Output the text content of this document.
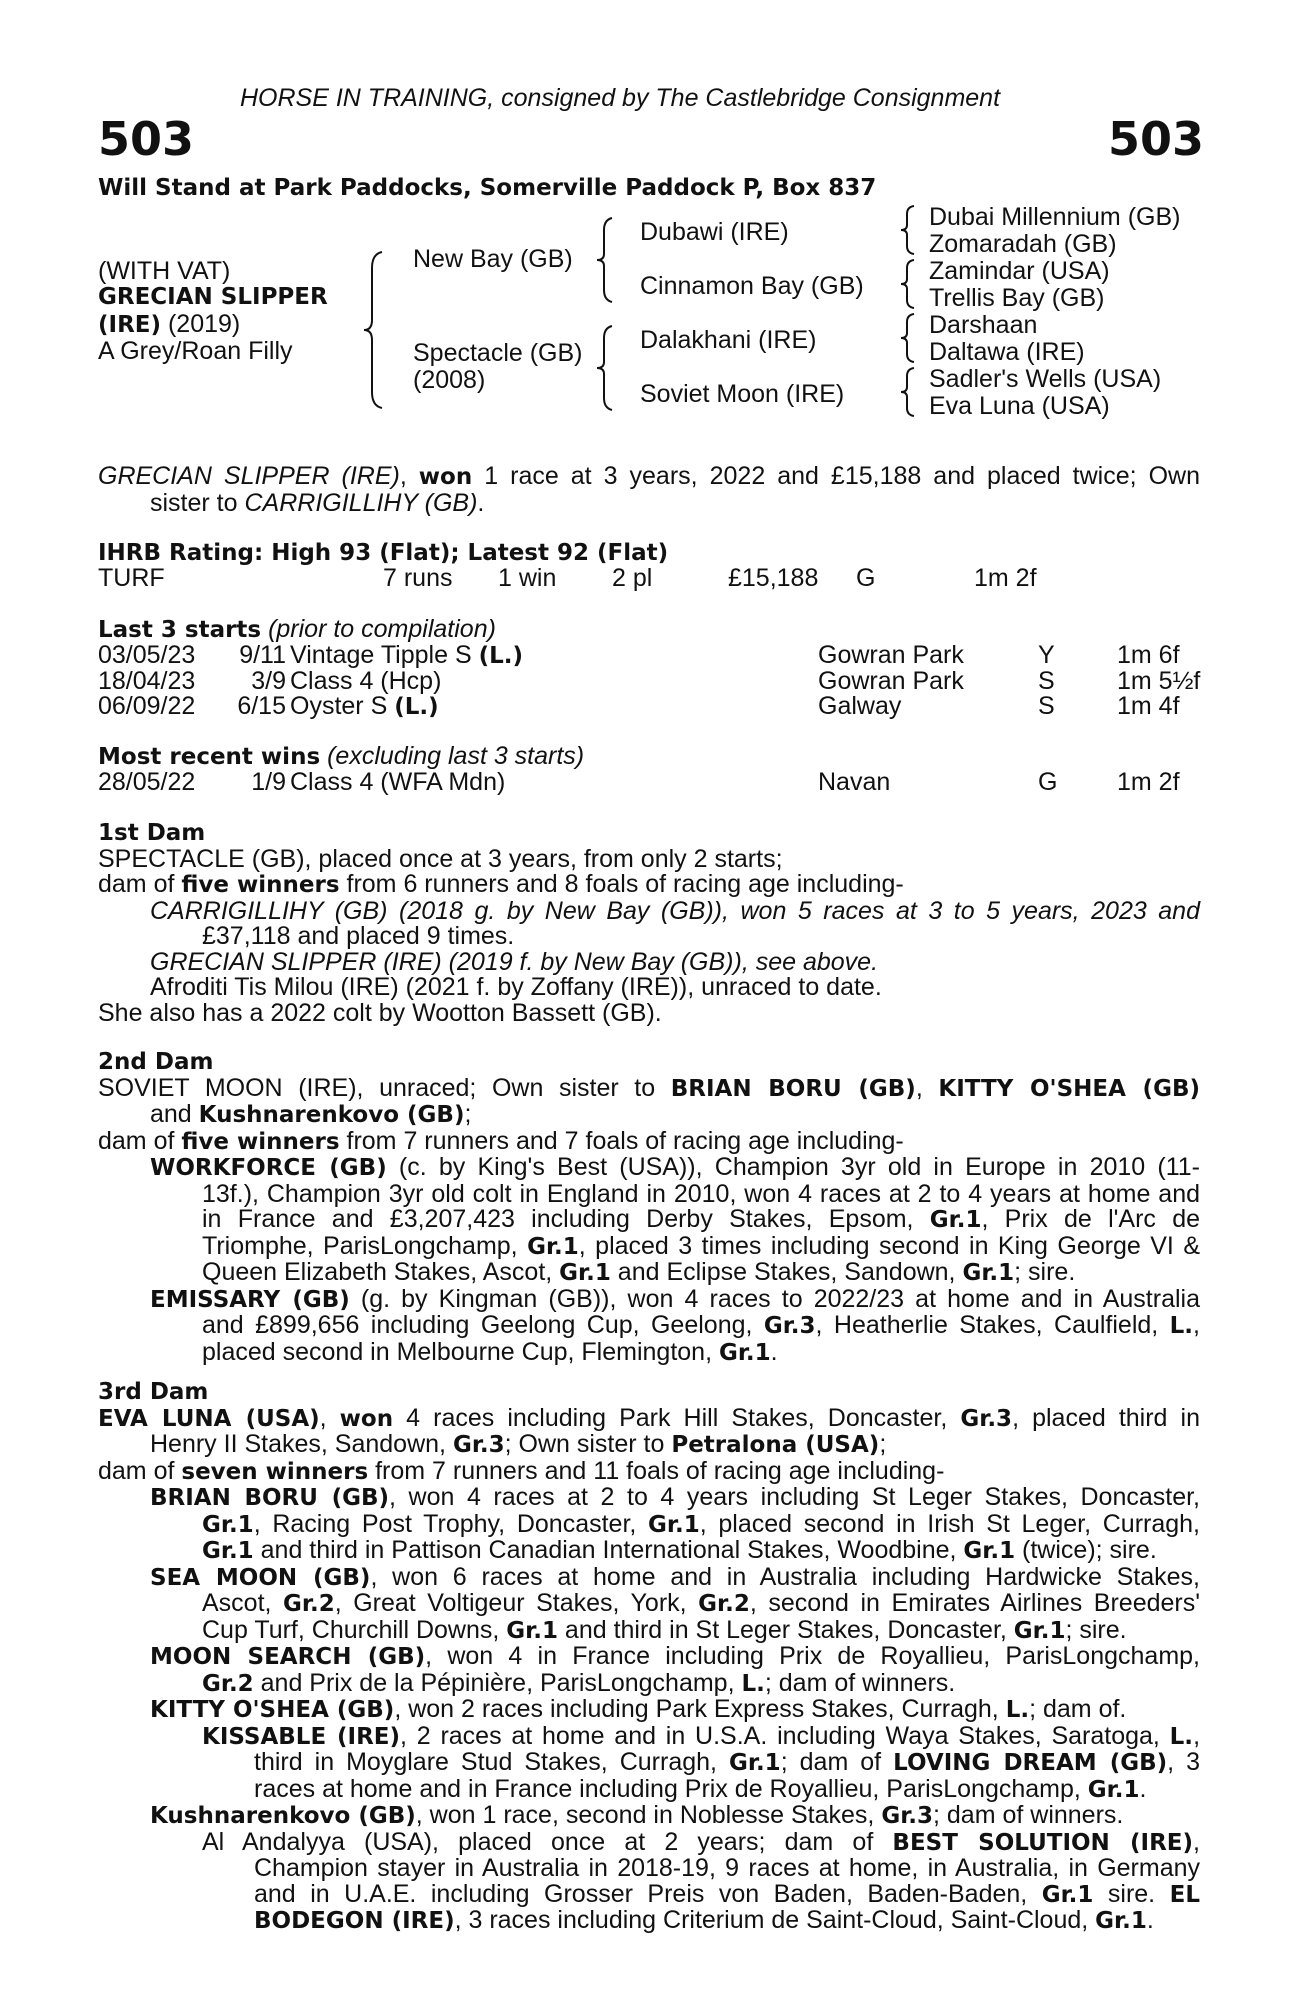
HORSE IN TRAINING, consigned by The Castlebridge Consignment
503	503
Will Stand at Park Paddocks, Somerville Paddock P, Box 837
(WITH VAT)
GRECIAN SLIPPER
(IRE) (2019)
A Grey/Roan Filly
New Bay (GB)
Spectacle (GB)
(2008)
Dubawi (IRE)
Cinnamon Bay (GB)
Dalakhani (IRE)
Soviet Moon (IRE)
Dubai Millennium (GB)
Zomaradah (GB)
Zamindar (USA)
Trellis Bay (GB)
Darshaan
Daltawa (IRE)
Sadler's Wells (USA)
Eva Luna (USA)

GRECIAN SLIPPER (IRE), won 1 race at 3 years, 2022 and £15,188 and placed twice; Own

sister to CARRIGILLIHY (GB).

IHRB Rating: High 93 (Flat); Latest 92 (Flat)
TURF	7 runs 1 win 2 pl	£15,188 G	1m 2f
Last 3 starts (prior to compilation)
03/05/23	9/11 Vintage Tipple S (L.)	Gowran Park	Y 1m 6f
18/04/23	3/9 Class 4 (Hcp)	Gowran Park	S 1m 5½f
06/09/22	6/15 Oyster S (L.)	Galway	S 1m 4f
Most recent wins (excluding last 3 starts)
28/05/22	1/9 Class 4 (WFA Mdn)	Navan	G 1m 2f

1st Dam

SPECTACLE (GB), placed once at 3 years, from only 2 starts;

dam of five winners from 6 runners and 8 foals of racing age including-

CARRIGILLIHY (GB) (2018 g. by New Bay (GB)), won 5 races at 3 to 5 years, 2023 and

£37,118 and placed 9 times.

GRECIAN SLIPPER (IRE) (2019 f. by New Bay (GB)), see above.

Afroditi Tis Milou (IRE) (2021 f. by Zoffany (IRE)), unraced to date.

She also has a 2022 colt by Wootton Bassett (GB).

2nd Dam

SOVIET MOON (IRE), unraced; Own sister to BRIAN BORU (GB), KITTY O'SHEA (GB)

and Kushnarenkovo (GB);

dam of five winners from 7 runners and 7 foals of racing age including-

WORKFORCE (GB) (c. by King's Best (USA)), Champion 3yr old in Europe in 2010 (11-

13f.), Champion 3yr old colt in England in 2010, won 4 races at 2 to 4 years at home and

in France and £3,207,423 including Derby Stakes, Epsom, Gr.1, Prix de l'Arc de

Triomphe, ParisLongchamp, Gr.1, placed 3 times including second in King George VI &

Queen Elizabeth Stakes, Ascot, Gr.1 and Eclipse Stakes, Sandown, Gr.1; sire.

EMISSARY (GB) (g. by Kingman (GB)), won 4 races to 2022/23 at home and in Australia

and £899,656 including Geelong Cup, Geelong, Gr.3, Heatherlie Stakes, Caulfield, L.,

placed second in Melbourne Cup, Flemington, Gr.1.

3rd Dam

EVA LUNA (USA), won 4 races including Park Hill Stakes, Doncaster, Gr.3, placed third in

Henry II Stakes, Sandown, Gr.3; Own sister to Petralona (USA);

dam of seven winners from 7 runners and 11 foals of racing age including-

BRIAN BORU (GB), won 4 races at 2 to 4 years including St Leger Stakes, Doncaster,

Gr.1, Racing Post Trophy, Doncaster, Gr.1, placed second in Irish St Leger, Curragh,

Gr.1 and third in Pattison Canadian International Stakes, Woodbine, Gr.1 (twice); sire.

SEA MOON (GB), won 6 races at home and in Australia including Hardwicke Stakes,

Ascot, Gr.2, Great Voltigeur Stakes, York, Gr.2, second in Emirates Airlines Breeders'

Cup Turf, Churchill Downs, Gr.1 and third in St Leger Stakes, Doncaster, Gr.1; sire.

MOON SEARCH (GB), won 4 in France including Prix de Royallieu, ParisLongchamp,

Gr.2 and Prix de la Pépinière, ParisLongchamp, L.; dam of winners.

KITTY O'SHEA (GB), won 2 races including Park Express Stakes, Curragh, L.; dam of.

KISSABLE (IRE), 2 races at home and in U.S.A. including Waya Stakes, Saratoga, L.,

third in Moyglare Stud Stakes, Curragh, Gr.1; dam of LOVING DREAM (GB), 3

races at home and in France including Prix de Royallieu, ParisLongchamp, Gr.1.

Kushnarenkovo (GB), won 1 race, second in Noblesse Stakes, Gr.3; dam of winners.

Al Andalyya (USA), placed once at 2 years; dam of BEST SOLUTION (IRE),

Champion stayer in Australia in 2018-19, 9 races at home, in Australia, in Germany

and in U.A.E. including Grosser Preis von Baden, Baden-Baden, Gr.1 sire. EL

BODEGON (IRE), 3 races including Criterium de Saint-Cloud, Saint-Cloud, Gr.1.
